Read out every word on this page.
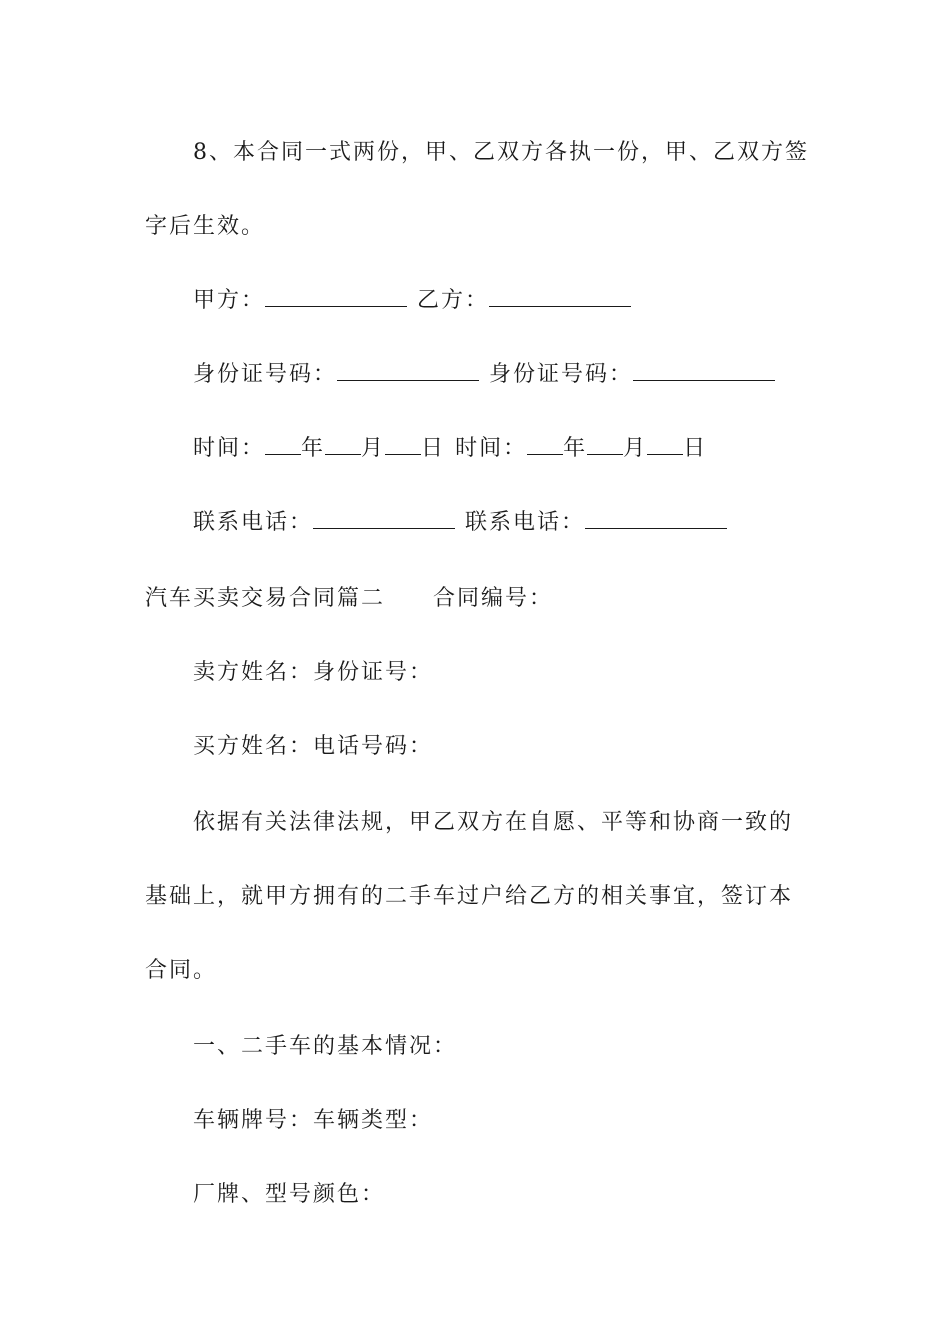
8、本合同一式两份，甲、乙双方各执一份，甲、乙双方签
字后生效。
甲方：	乙方：
身份证号码：	身份证号码：
时间： 年 月 日 时间： 年 月 日
联系电话：	联系电话：
汽车买卖交易合同篇二 合同编号：
卖方姓名：身份证号：
买方姓名：电话号码：
依据有关法律法规，甲乙双方在自愿、平等和协商一致的
基础上，就甲方拥有的二手车过户给乙方的相关事宜，签订本
合同。
一、二手车的基本情况：
车辆牌号：车辆类型：
厂牌、型号颜色：
